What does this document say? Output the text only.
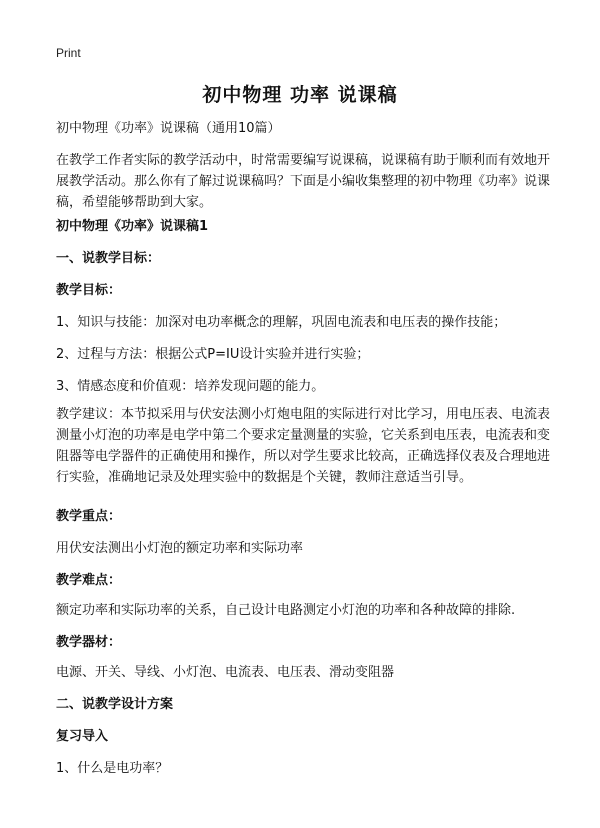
Print
初中物理 功率 说课稿

初中物理《功率》说课稿（通用10篇）

在教学工作者实际的教学活动中，时常需要编写说课稿，说课稿有助于顺利而有效地开展教学活动。那么你有了解过说课稿吗？下面是小编收集整理的初中物理《功率》说课稿，希望能够帮助到大家。

初中物理《功率》说课稿1

一、说教学目标：

教学目标：

1、知识与技能：加深对电功率概念的理解，巩固电流表和电压表的操作技能；

2、过程与方法：根据公式P=IU设计实验并进行实验；

3、情感态度和价值观：培养发现问题的能力。

教学建议：本节拟采用与伏安法测小灯炮电阻的实际进行对比学习，用电压表、电流表测量小灯泡的功率是电学中第二个要求定量测量的实验，它关系到电压表，电流表和变阻器等电学器件的正确使用和操作，所以对学生要求比较高，正确选择仪表及合理地进行实验，准确地记录及处理实验中的数据是个关键，教师注意适当引导。

教学重点：

用伏安法测出小灯泡的额定功率和实际功率

教学难点：

额定功率和实际功率的关系，自己设计电路测定小灯泡的功率和各种故障的排除.

教学器材：

电源、开关、导线、小灯泡、电流表、电压表、滑动变阻器

二、说教学设计方案

复习导入

1、什么是电功率？
